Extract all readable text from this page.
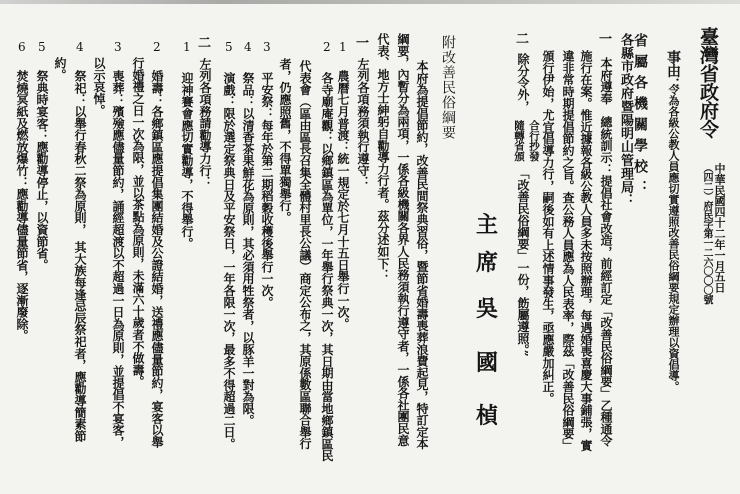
臺灣省政府令
中華民國四十二年一月五日
（四二）府民字第一二六〇〇〇號
事由：
令為各級公教人員應切實遵照改善民俗綱要規定辦理以資倡導。
省屬各機關學校：
各縣市政府暨陽明山管理局：
一
本府遵奉　總統訓示：提倡社會改造，前經訂定「改善民俗綱要」乙種通令
施行在案。惟近據報各級公教人員多未按照辦理，每遇婚喪喜慶大事鋪張，實
違非常時期提倡節約之旨。查公務人員應為人民表率，際茲「改善民俗綱要」
頒行伊始，尤宜倡導力行，嗣後如有上述情事發生，亟應嚴加糾正。
二
除分令外，
合行抄發
隨轉省頒
「改善民俗綱要」一份，飭屬遵照。”
主
席
吳
國
楨
附改善民俗綱要
本府為提倡節約，改善民間祭典習俗，暨節省婚壽喪葬浪費起見，特訂定本
綱要，內暫分為兩項，一係各級機關各界人民務須執行遵守者，一係各社團民意
代表、地方士紳躬自勸導力行者。茲分述如下：
一
左列各項務須執行遵守：
1
農曆七月普渡：統一規定於七月十五日舉行一次。
2
各寺廟庵觀：以鄉鎮區為單位，一年舉行祭典一次，其日期由當地鄉鎮區民
代表會（區由區長召集全體村里長公議）商定公布之，其原係數區聯合舉行
者，仍應照舊，不得單獨舉行。
3
平安祭：每年於第二期稻穀收穫後舉行一次。
4
祭品：以清香茶果鮮花為原則，其必須用牲祭者，以豚羊一對為限。
5
演戲：限於選定祭典日及平安祭日，一年各限一次，最多不得超過二日。
二
左列各項務請勸導力行：
1
迎神賽會應切實勸導，不得舉行。
2
婚壽：各鄉鎮區應提倡集團結婚及公證結婚，送禮應儘量節約，宴客以舉
行婚禮之日一次為限，並以茶點為原則，未滿六十歲者不做壽。
3
喪葬：殯殮應儘量節約，誦經超渡以不超過一日為原則，並提倡不宴客，
以示哀悼。
4
祭祀：以舉行春秋二祭為原則，　其大族每逢忌辰祭祀者，應勸導簡素節
約。
5
祭典時宴客：應勸導停止，以資節省。
6
焚燒冥紙及燃放爆竹：應勸導儘量節省，逐漸廢除。
